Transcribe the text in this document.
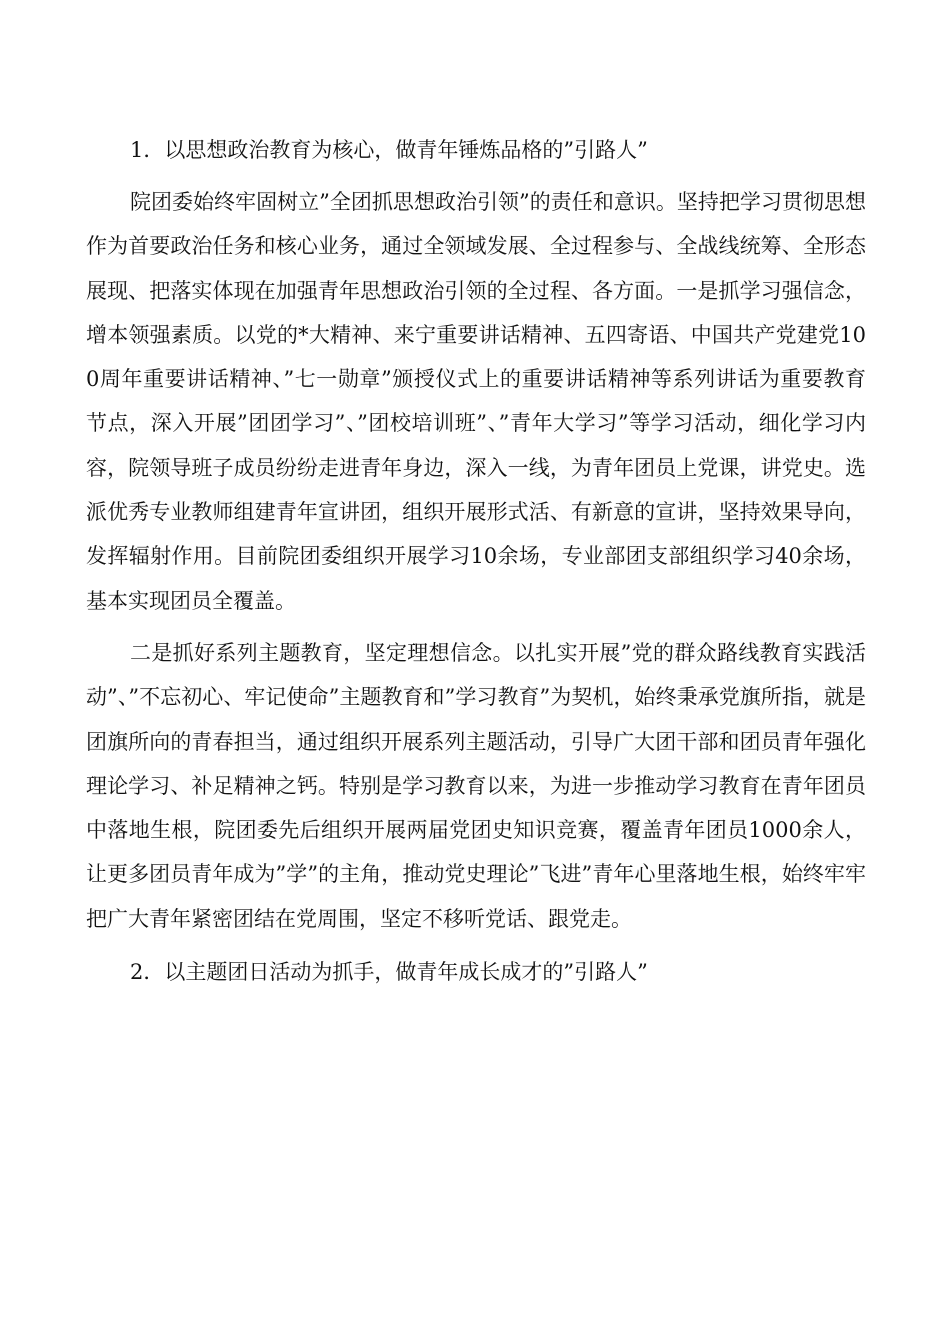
1．以思想政治教育为核心，做青年锤炼品格的”引路人”

院团委始终牢固树立”全团抓思想政治引领”的责任和意识。坚持把学习贯彻思想作为首要政治任务和核心业务，通过全领域发展、全过程参与、全战线统筹、全形态展现、把落实体现在加强青年思想政治引领的全过程、各方面。一是抓学习强信念，增本领强素质。以党的*大精神、来宁重要讲话精神、五四寄语、中国共产党建党100周年重要讲话精神、”七一勋章”颁授仪式上的重要讲话精神等系列讲话为重要教育节点，深入开展”团团学习”、”团校培训班”、”青年大学习”等学习活动，细化学习内容，院领导班子成员纷纷走进青年身边，深入一线，为青年团员上党课，讲党史。选派优秀专业教师组建青年宣讲团，组织开展形式活、有新意的宣讲，坚持效果导向，发挥辐射作用。目前院团委组织开展学习10余场，专业部团支部组织学习40余场，基本实现团员全覆盖。

二是抓好系列主题教育，坚定理想信念。以扎实开展”党的群众路线教育实践活动”、”不忘初心、牢记使命”主题教育和”学习教育”为契机，始终秉承党旗所指，就是团旗所向的青春担当，通过组织开展系列主题活动，引导广大团干部和团员青年强化理论学习、补足精神之钙。特别是学习教育以来，为进一步推动学习教育在青年团员中落地生根，院团委先后组织开展两届党团史知识竞赛，覆盖青年团员1000余人，让更多团员青年成为”学”的主角，推动党史理论”飞进”青年心里落地生根，始终牢牢把广大青年紧密团结在党周围，坚定不移听党话、跟党走。

2．以主题团日活动为抓手，做青年成长成才的”引路人”
